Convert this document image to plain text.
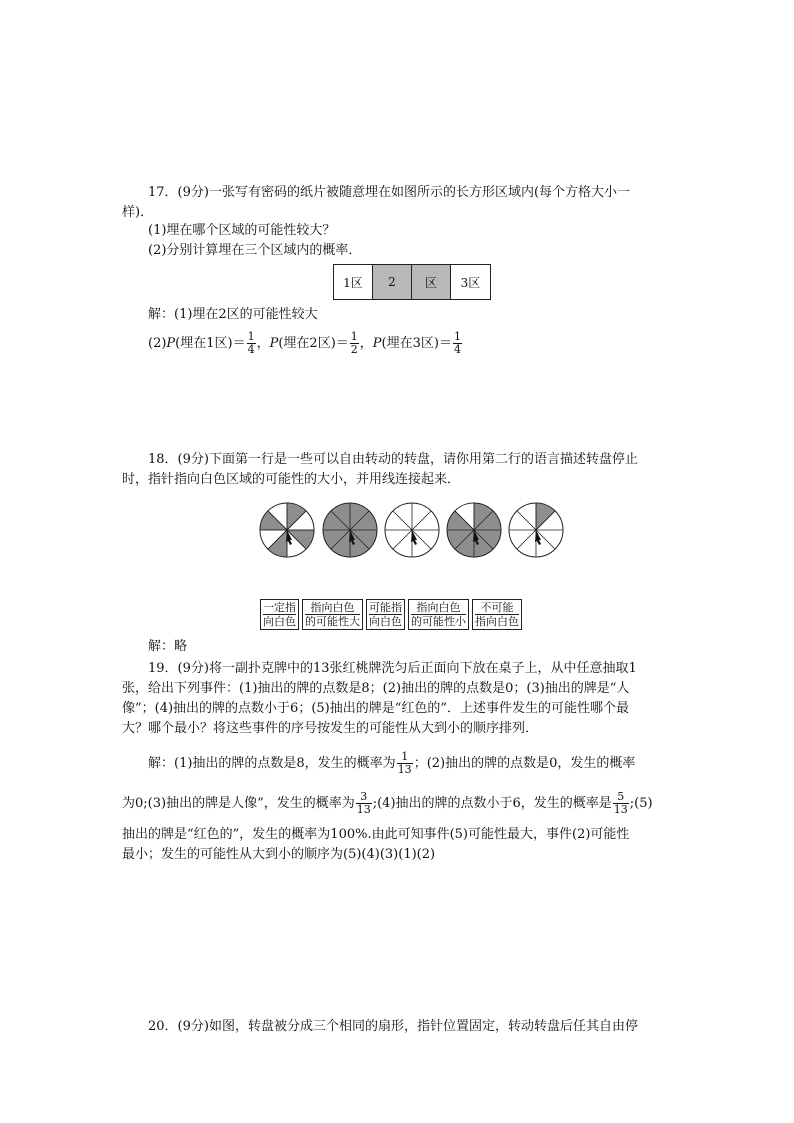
17．(9分)一张写有密码的纸片被随意埋在如图所示的长方形区域内(每个方格大小一
样)．
(1)埋在哪个区域的可能性较大？
(2)分别计算埋在三个区域内的概率．
1区	2	区	3区
解：(1)埋在2区的可能性较大
(2)P(埋在1区)＝ $\frac{1}{4}$ ，P(埋在2区)＝ $\frac{1}{2}$ ，P(埋在3区)＝ $\frac{1}{4}$
18．(9分)下面第一行是一些可以自由转动的转盘，请你用第二行的语言描述转盘停止
时，指针指向白色区域的可能性的大小，并用线连接起来．
一定指
向白色
指向白色
的可能性大
可能指
向白色
指向白色
的可能性小
不可能
指向白色
解：略
19．(9分)将一副扑克牌中的13张红桃牌洗匀后正面向下放在桌子上，从中任意抽取1
张，给出下列事件：(1)抽出的牌的点数是8；(2)抽出的牌的点数是0；(3)抽出的牌是“人
像”；(4)抽出的牌的点数小于6；(5)抽出的牌是“红色的”．上述事件发生的可能性哪个最
大？哪个最小？将这些事件的序号按发生的可能性从大到小的顺序排列．
解：(1)抽出的牌的点数是8，发生的概率为 $\frac{1}{13}$ ；(2)抽出的牌的点数是0，发生的概率
为0;(3)抽出的牌是人像”，发生的概率为 $\frac{3}{13}$ ;(4)抽出的牌的点数小于6，发生的概率是 $\frac{5}{13}$ ;(5)
抽出的牌是“红色的”，发生的概率为100%.由此可知事件(5)可能性最大，事件(2)可能性
最小；发生的可能性从大到小的顺序为(5)(4)(3)(1)(2)
20．(9分)如图，转盘被分成三个相同的扇形，指针位置固定，转动转盘后任其自由停
